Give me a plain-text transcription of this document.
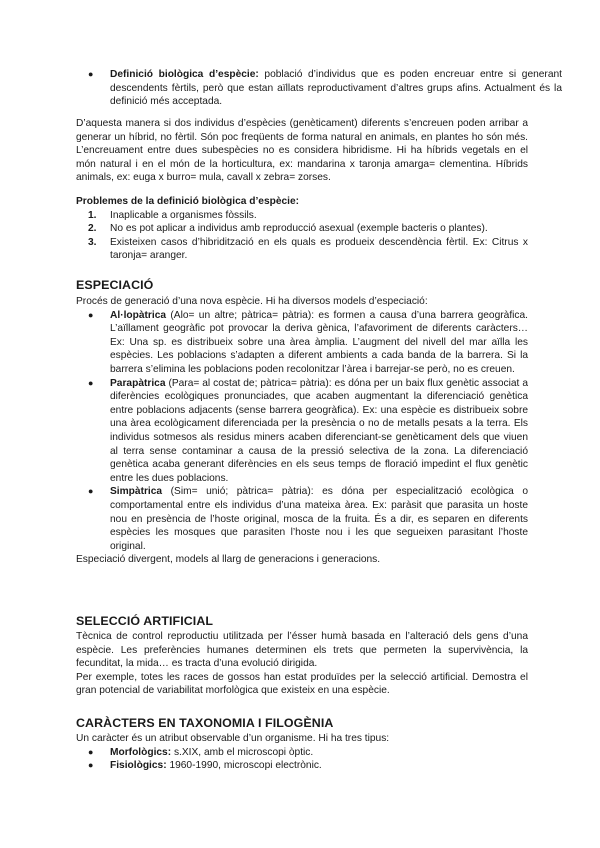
● Definició biològica d’espècie: població d’individus que es poden encreuar entre si generant descendents fèrtils, però que estan aïllats reproductivament d’altres grups afins. Actualment és la definició més acceptada.

D’aquesta manera si dos individus d’espècies (genèticament) diferents s’encreuen poden arribar a generar un híbrid, no fèrtil. Són poc freqüents de forma natural en animals, en plantes ho són més. L’encreuament entre dues subespècies no es considera hibridisme. Hi ha híbrids vegetals en el món natural i en el món de la horticultura, ex: mandarina x taronja amarga= clementina. Híbrids animals, ex: euga x burro= mula, cavall x zebra= zorses.

Problemes de la definició biològica d’espècie:
1. Inaplicable a organismes fòssils.

2. No es pot aplicar a individus amb reproducció asexual (exemple bacteris o plantes).

3. Existeixen casos d’hibridització en els quals es produeix descendència fèrtil. Ex: Citrus x taronja= aranger.

ESPECIACIÓ

Procés de generació d’una nova espècie. Hi ha diversos models d’especiació:

● Al·lopàtrica (Alo= un altre; pàtrica= pàtria): es formen a causa d’una barrera geogràfica. L’aïllament geogràfic pot provocar la deriva gènica, l’afavoriment de diferents caràcters… Ex: Una sp. es distribueix sobre una àrea àmplia. L’augment del nivell del mar aïlla les espècies. Les poblacions s’adapten a diferent ambients a cada banda de la barrera. Si la barrera s’elimina les poblacions poden recolonitzar l’àrea i barrejar-se però, no es creuen.

● Parapàtrica (Para= al costat de; pàtrica= pàtria): es dóna per un baix flux genètic associat a diferències ecològiques pronunciades, que acaben augmentant la diferenciació genètica entre poblacions adjacents (sense barrera geogràfica). Ex: una espècie es distribueix sobre una àrea ecològicament diferenciada per la presència o no de metalls pesats a la terra. Els individus sotmesos als residus miners acaben diferenciant-se genèticament dels que viuen al terra sense contaminar a causa de la pressió selectiva de la zona. La diferenciació genètica acaba generant diferències en els seus temps de floració impedint el flux genètic entre les dues poblacions.

● Simpàtrica (Sim= unió; pàtrica= pàtria): es dóna per especialització ecològica o comportamental entre els individus d’una mateixa àrea. Ex: paràsit que parasita un hoste nou en presència de l’hoste original, mosca de la fruita. És a dir, es separen en diferents espècies les mosques que parasiten l’hoste nou i les que segueixen parasitant l’hoste original.

Especiació divergent, models al llarg de generacions i generacions.

SELECCIÓ ARTIFICIAL

Tècnica de control reproductiu utilitzada per l’ésser humà basada en l’alteració dels gens d’una espècie. Les preferències humanes determinen els trets que permeten la supervivència, la fecunditat, la mida… es tracta d’una evolució dirigida.

Per exemple, totes les races de gossos han estat produïdes per la selecció artificial. Demostra el gran potencial de variabilitat morfològica que existeix en una espècie.

CARÀCTERS EN TAXONOMIA I FILOGÈNIA

Un caràcter és un atribut observable d’un organisme. Hi ha tres tipus:

● Morfològics: s.XIX, amb el microscopi òptic.

● Fisiològics: 1960-1990, microscopi electrònic.
